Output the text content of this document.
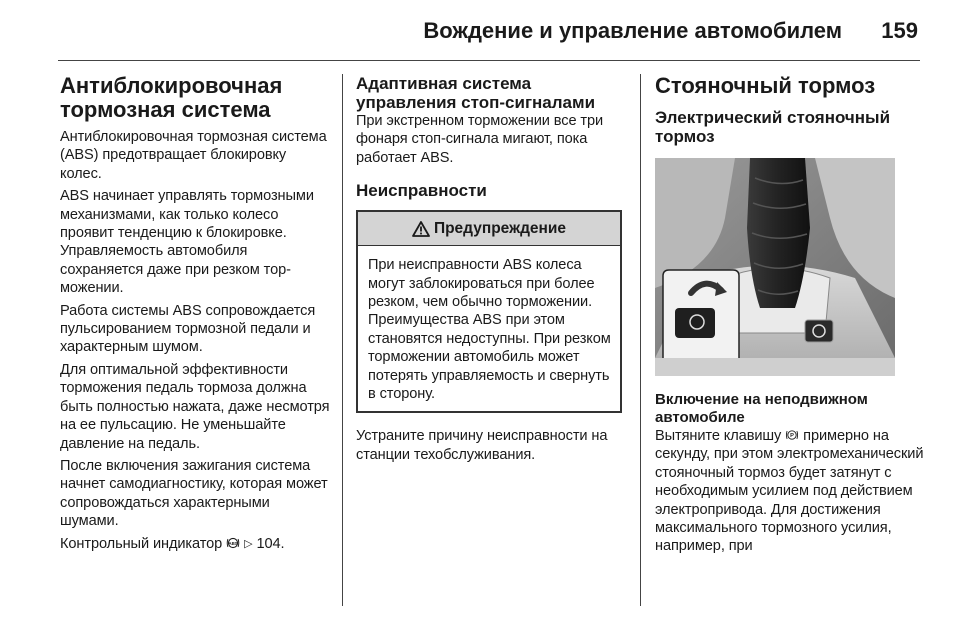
Вождение и управление автомобилем 159
Антиблокировочная
тормозная система

Антиблокировочная тормозная система (ABS) предотвращает блокировку колес.

ABS начинает управлять тормозными механизмами, как только колесо проявит тенденцию к блокировке. Управляемость автомобиля сохраняется даже при резком торможении.

Работа системы ABS сопровождается пульсированием тормозной педали и характерным шумом.

Для оптимальной эффективности торможения педаль тормоза должна быть полностью нажата, даже несмотря на ее пульсацию. Не уменьшайте давление на педаль.

После включения зажигания система начнет самодиагностику, которая может сопровождаться характерными шумами.

Контрольный индикатор ABS ▷ 104.

Адаптивная система
управления стоп-сигналами

При экстренном торможении все три фонаря стоп-сигнала мигают, пока работает ABS.

Неисправности
Предупреждение

При неисправности ABS колеса могут заблокироваться при более резком, чем обычно торможении. Преимущества ABS при этом становятся недоступны. При резком торможении автомобиль может потерять управляемость и свернуть в сторону.

Устраните причину неисправности на станции техобслуживания.

Стояночный тормоз
Электрический стояночный
тормоз
Включение на неподвижном
автомобиле

Вытяните клавишу P примерно на секунду, при этом электромеханический стояночный тормоз будет затянут с необходимым усилием под действием электропривода. Для достижения максимального тормозного усилия, например, при
